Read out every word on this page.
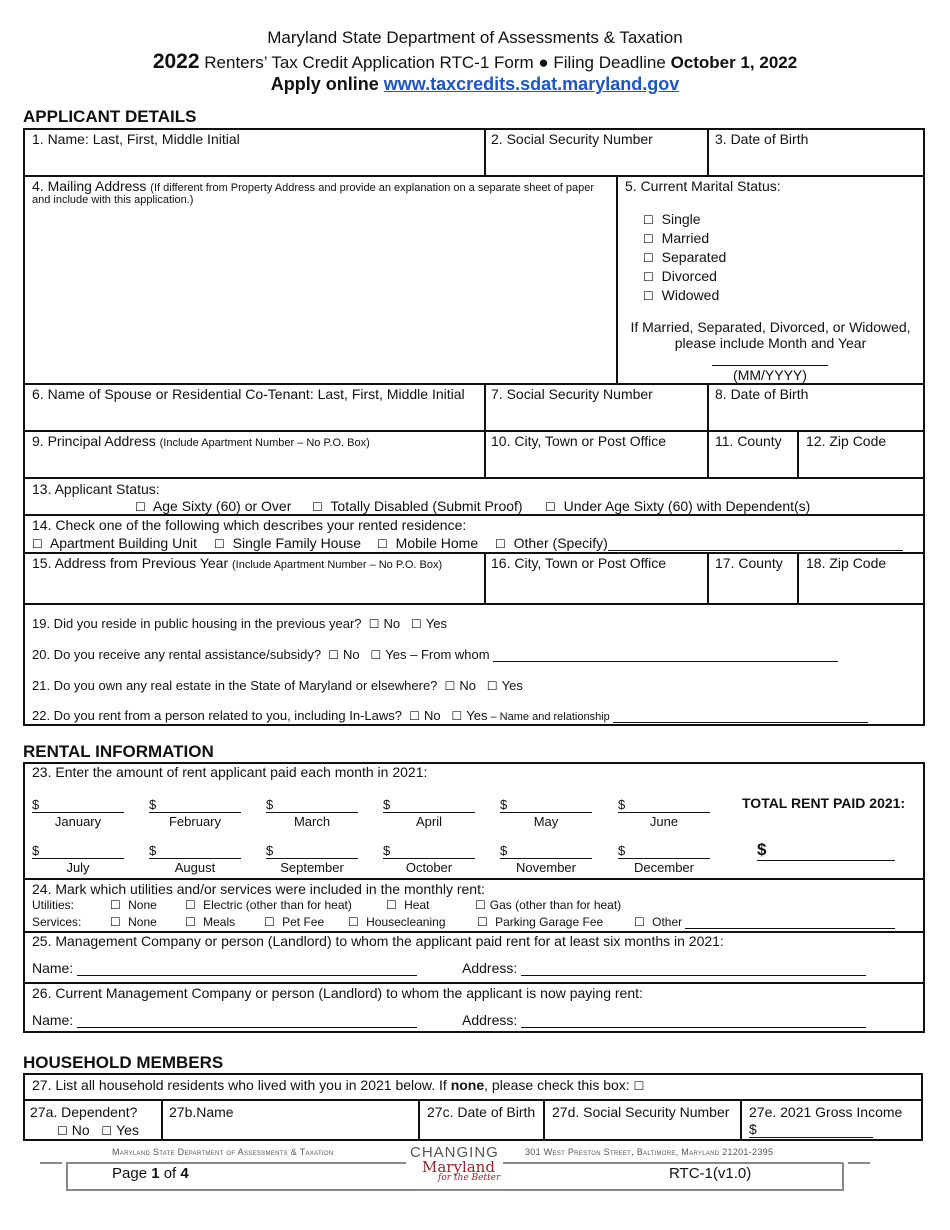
Maryland State Department of Assessments & Taxation
2022 Renters’ Tax Credit Application RTC-1 Form ● Filing Deadline October 1, 2022
Apply online www.taxcredits.sdat.maryland.gov
APPLICANT DETAILS
1. Name: Last, First, Middle Initial	2. Social Security Number	3. Date of Birth
4. Mailing Address (If different from Property Address and provide an explanation on a separate sheet of paper
and include with this application.)
5. Current Marital Status:
☐ Single
☐ Married
☐ Separated
☐ Divorced
☐ Widowed
If Married, Separated, Divorced, or Widowed,
please include Month and Year
(MM/YYYY)
6. Name of Spouse or Residential Co-Tenant: Last, First, Middle Initial 7. Social Security Number	8. Date of Birth
9. Principal Address (Include Apartment Number – No P.O. Box)	10. City, Town or Post Office	11. County 12. Zip Code
13. Applicant Status:
☐ Age Sixty (60) or Over ☐ Totally Disabled (Submit Proof) ☐ Under Age Sixty (60) with Dependent(s)
14. Check one of the following which describes your rented residence:
☐ Apartment Building Unit ☐ Single Family House ☐ Mobile Home ☐ Other (Specify)
15. Address from Previous Year (Include Apartment Number – No P.O. Box)	16. City, Town or Post Office	17. County 18. Zip Code
19. Did you reside in public housing in the previous year? ☐ No ☐ Yes
20. Do you receive any rental assistance/subsidy? ☐ No ☐ Yes – From whom
21. Do you own any real estate in the State of Maryland or elsewhere? ☐ No ☐ Yes
22. Do you rent from a person related to you, including In-Laws? ☐ No ☐ Yes – Name and relationship
RENTAL INFORMATION
23. Enter the amount of rent applicant paid each month in 2021:
$
January
$
February
$
March
$
April
$
May
$
June
TOTAL RENT PAID 2021:
$
July
$
August
$
September
$
October
$
November
$
December
$
24. Mark which utilities and/or services were included in the monthly rent:
Utilities:	☐ None ☐ Electric (other than for heat)	☐ Heat	☐ Gas (other than for heat)
Services: ☐ None ☐ Meals ☐ Pet Fee ☐ Housecleaning	☐ Parking Garage Fee	☐ Other
25. Management Company or person (Landlord) to whom the applicant paid rent for at least six months in 2021:
Name:	Address:
26. Current Management Company or person (Landlord) to whom the applicant is now paying rent:
Name:	Address:
HOUSEHOLD MEMBERS
27. List all household residents who lived with you in 2021 below. If none, please check this box: ☐
27a. Dependent?
☐ No ☐ Yes
27b.Name	27c. Date of Birth 27d. Social Security Number 27e. 2021 Gross Income
$
Maryland State Department of Assessments & Taxation	301 West Preston Street, Baltimore, Maryland 21201-2395
CHANGING
Maryland
for the Better
Page 1 of 4	RTC-1(v1.0)
